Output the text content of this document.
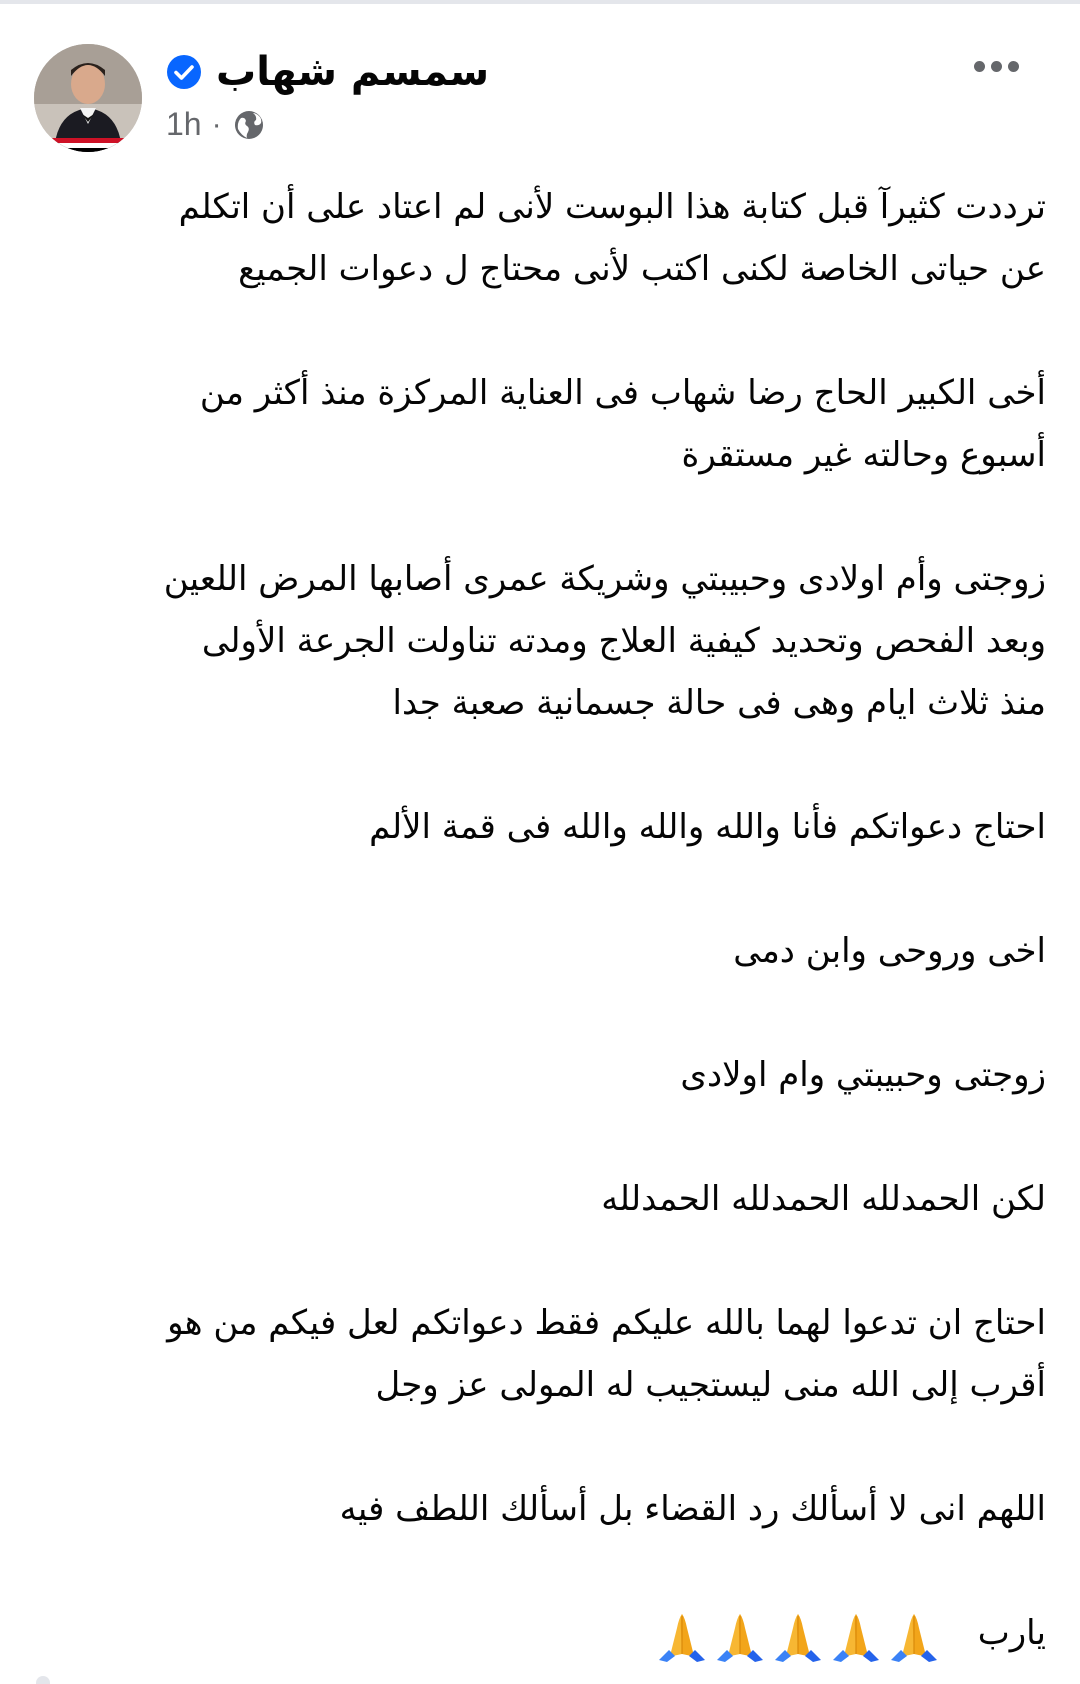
سمسم شهاب
1h ·

ترددت كثيرآ قبل كتابة هذا البوست لأنى لم اعتاد على أن اتكلم
عن حياتى الخاصة لكنى اكتب لأنى محتاج ل دعوات الجميع

أخى الكبير الحاج رضا شهاب فى العناية المركزة منذ أكثر من
أسبوع وحالته غير مستقرة

زوجتى وأم اولادى وحبيبتي وشريكة عمرى أصابها المرض اللعين
وبعد الفحص وتحديد كيفية العلاج ومدته تناولت الجرعة الأولى
منذ ثلاث ايام وهى فى حالة جسمانية صعبة جدا

احتاج دعواتكم فأنا والله والله والله فى قمة الألم

اخى وروحى وابن دمى

زوجتى وحبيبتي وام اولادى

لكن الحمدلله الحمدلله الحمدلله

احتاج ان تدعوا لهما بالله عليكم فقط دعواتكم لعل فيكم من هو
أقرب إلى الله منى ليستجيب له المولى عز وجل

اللهم انى لا أسألك رد القضاء بل أسألك اللطف فيه

يارب
